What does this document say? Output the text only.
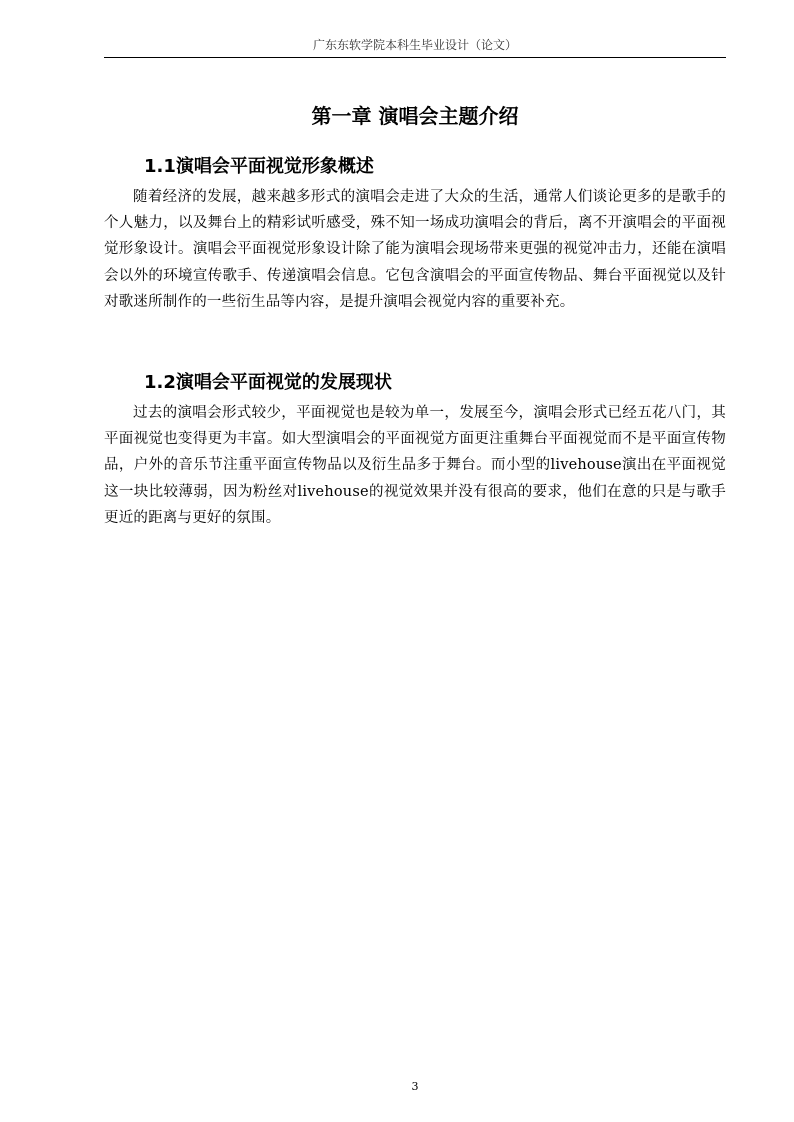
广东东软学院本科生毕业设计（论文）
第一章 演唱会主题介绍
1.1演唱会平面视觉形象概述

随着经济的发展，越来越多形式的演唱会走进了大众的生活，通常人们谈论更多的是歌手的个人魅力，以及舞台上的精彩试听感受，殊不知一场成功演唱会的背后，离不开演唱会的平面视觉形象设计。演唱会平面视觉形象设计除了能为演唱会现场带来更强的视觉冲击力，还能在演唱会以外的环境宣传歌手、传递演唱会信息。它包含演唱会的平面宣传物品、舞台平面视觉以及针对歌迷所制作的一些衍生品等内容，是提升演唱会视觉内容的重要补充。

1.2演唱会平面视觉的发展现状

过去的演唱会形式较少，平面视觉也是较为单一，发展至今，演唱会形式已经五花八门，其平面视觉也变得更为丰富。如大型演唱会的平面视觉方面更注重舞台平面视觉而不是平面宣传物品，户外的音乐节注重平面宣传物品以及衍生品多于舞台。而小型的livehouse演出在平面视觉这一块比较薄弱，因为粉丝对livehouse的视觉效果并没有很高的要求，他们在意的只是与歌手更近的距离与更好的氛围。

3
